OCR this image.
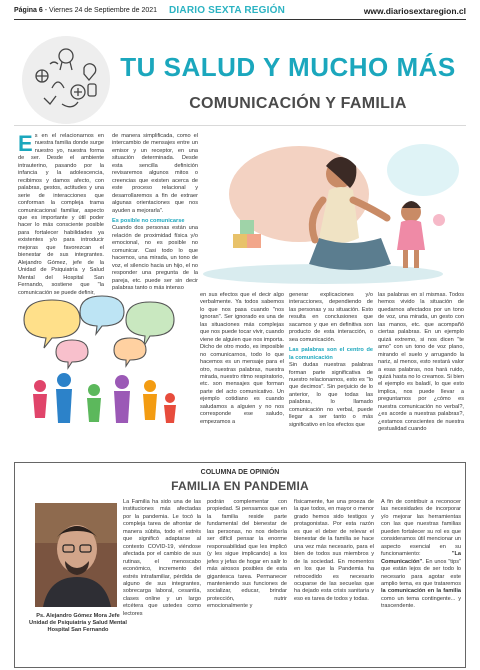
Página 6 - Viernes 24 de Septiembre de 2021 DIARIO SEXTA REGIÓN	www.diariosextaregion.cl
TU SALUD Y MUCHO MÁS
COMUNICACIÓN Y FAMILIA
Es en el relacionarnos en nuestra familia donde surge nuestro yo, nuestra forma de ser. Desde el ambiente intrauterino, pasando por la infancia y la adolescencia, recibimos y damos afecto, con palabras, gestos, actitudes y una serie de interacciones que conforman la compleja trama comunicacional familiar, aspecto que es importante y útil poder hacer lo más consciente posible para fortalecer habilidades ya existentes y/o para introducir mejoras que favorezcan el bienestar de sus integrantes. Alejandro Gómez, jefe de la Unidad de Psiquiatría y Salud Mental del Hospital San Fernando, sostiene que "la comunicación se puede definir,

de manera simplificada, como el intercambio de mensajes entre un emisor y un receptor, en una situación determinada. Desde esta sencilla definición revisaremos algunos mitos o creencias que existen acerca de este proceso relacional y desarrollaremos a fin de extraer algunas orientaciones que nos ayuden a mejorarla".

Es posible no comunicarse

Cuando dos personas están una relación de proximidad física y/o emocional, no es posible no comunicar. Casi todo lo que hacemos, una mirada, un tono de voz, el silencio hacia un hijo, el no responder una pregunta de la pareja, etc. puede ser sin decir palabras tanto o más intenso

en sus efectos que el decir algo verbalmente. Ya todos sabemos lo que nos pasa cuando "nos ignoran". Ser ignorado es una de las situaciones más complejas que nos puede tocar vivir, cuando viene de alguien que nos importa. Dicho de otro modo, es imposible no comunicarnos, todo lo que hacemos es un mensaje para el otro, nuestras palabras, nuestra mirada, nuestro ritmo respiratorio, etc. son mensajes que forman parte del acto comunicativo. Un ejemplo cotidiano es cuando saludamos a alguien y no nos corresponde ese saludo, empezamos a

generar explicaciones y/o interacciones, dependiendo de las personas y su situación. Esto resulta en conclusiones que sacamos y que en definitiva son producto de esta interacción, o sea comunicación.

Las palabras son el centro de la comunicación

Sin dudas nuestras palabras forman parte significativa de nuestro relacionarnos, esto es "lo que decimos". Sin perjuicio de lo anterior, lo que todas las palabras, lo llamado comunicación no verbal, puede llegar a ser tanto o más significativo en los efectos que

las palabras en sí mismas. Todos hemos vivido la situación de quedarnos afectados por un tono de voz, una mirada, un gesto con las manos, etc. que acompañó ciertas palabras. En un ejemplo quizá extremo, si nos dicen "te amo" con un tono de voz plano, mirando el suelo y arrugando la nariz, al menos, esto restará valor a esas palabras, nos hará ruido, quizá hasta no lo creamos. Si bien el ejemplo es baladí, lo que esto implica, nos puede llevar a preguntarnos por ¿cómo es nuestra comunicación no verbal?, ¿es acorde a nuestras palabras?, ¿estamos conscientes de nuestra gestualidad cuando

COLUMNA DE OPINIÓN
FAMILIA EN PANDEMIA
Ps. Alejandro Gómez Mora Jefe Unidad de Psiquiatría y Salud Mental Hospital San Fernando
La Familia ha sido una de las instituciones más afectadas por la pandemia. Le tocó la compleja tarea de afrontar de manera súbita, todo el estrés que significó adaptarse al contexto COVID-19, viéndose afectada por el cambio de sus rutinas, el menoscabo económico, incremento del estrés intrafamiliar, pérdida de alguno de sus integrantes, sobrecarga laboral, cesantía, clases online y un largo etcétera que ustedes como lectores
podrán complementar con propiedad. Si pensamos que en la familia reside parte fundamental del bienestar de las personas, no nos debería ser difícil pensar la enorme responsabilidad que les implicó (y les sigue implicando) a los jefes y jefas de hogar en salir lo más airosos posibles de esta gigantesca tarea. Permanecer manteniendo sus funciones de socializar, educar, brindar protección, nutrir emocionalmente y
físicamente, fue una proeza de la que todos, en mayor o menor grado hemos sido testigos y protagonistas. Por esta razón es que el deber de relevar el bienestar de la familia se hace una vez más necesario, para el bien de todos sus miembros y de la sociedad. En momentos en los que la Pandemia ha retrocedido es necesario ocuparse de las secuelas que ha dejado esta crisis sanitaria y eso es tarea de todos y todas.
A fin de contribuir a reconocer las necesidades de incorporar y/o mejorar las herramientas con las que nuestras familias pueden fortalecer su rol es que consideramos útil mencionar un aspecto esencial en su funcionamiento: "La Comunicación". En unos "tips" que están lejos de ser todo lo necesario para agotar este amplio tema, es que trataremos la comunicación en la familia como un tema contingente... y trascendente.
